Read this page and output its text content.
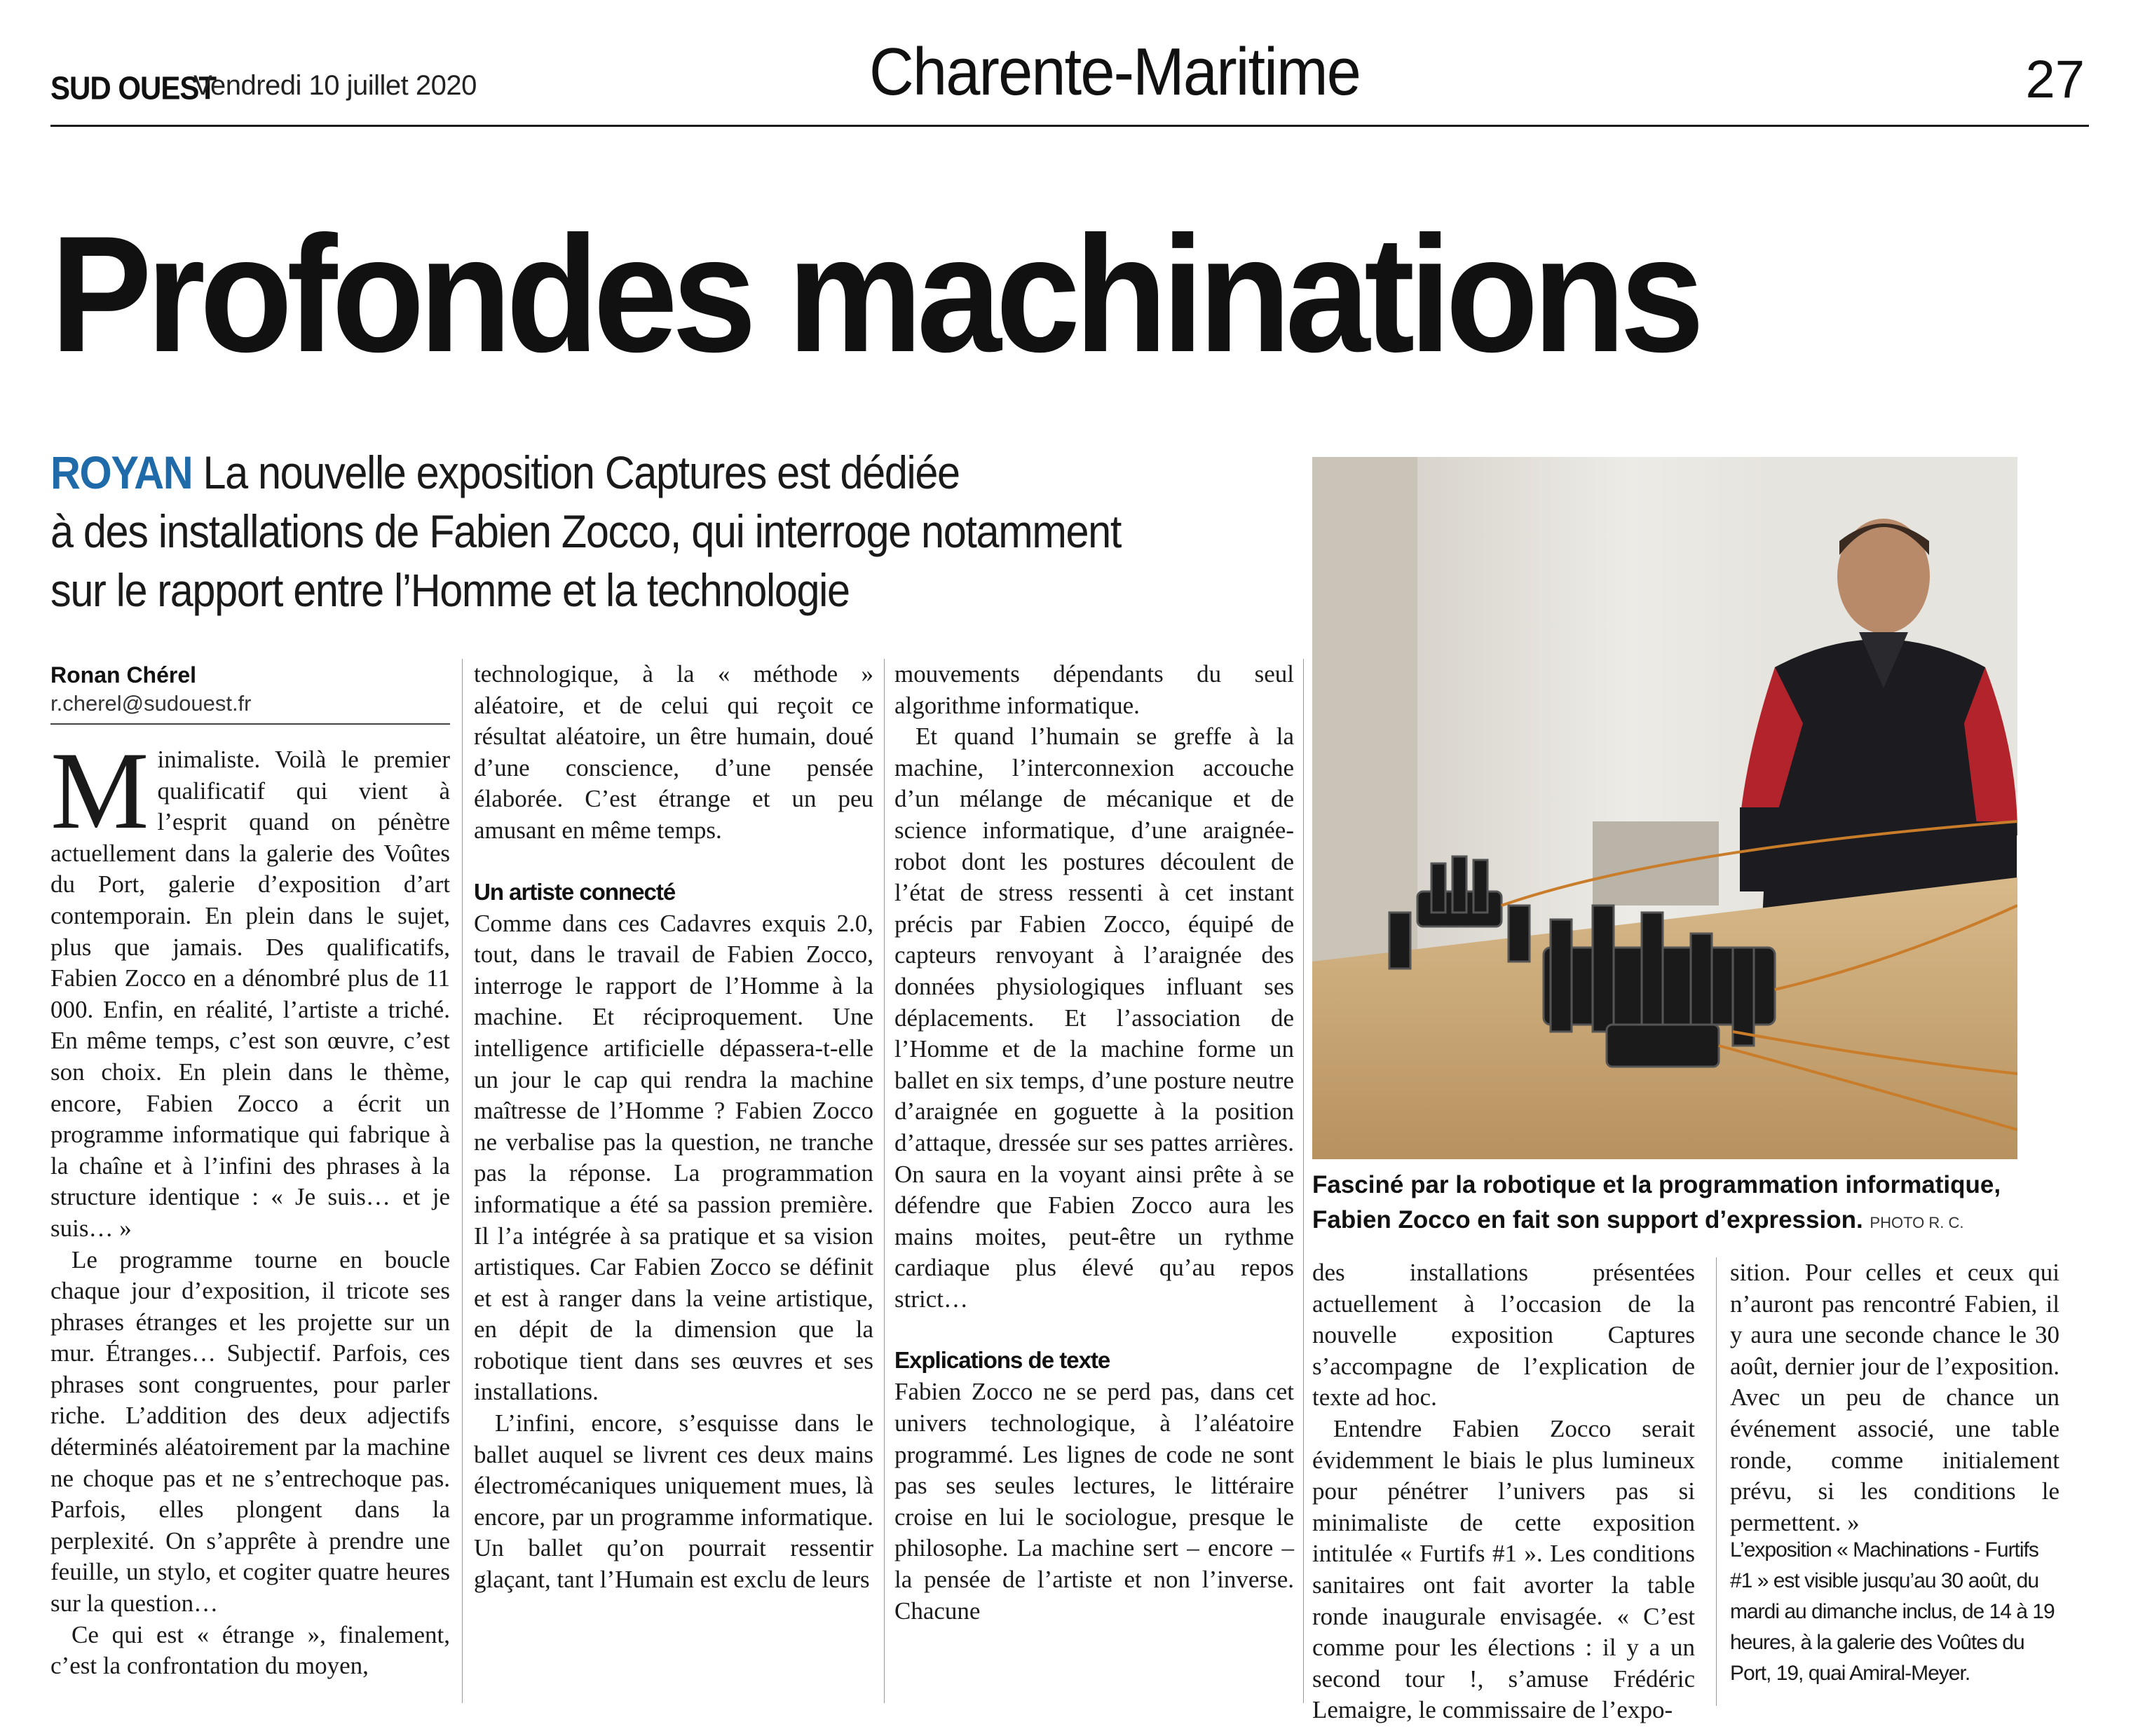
SUD OUEST
Vendredi 10 juillet 2020	Charente-Maritime	27
Profondes machinations
ROYAN La nouvelle exposition Captures est dédiée
à des installations de Fabien Zocco, qui interroge notamment
sur le rapport entre l’Homme et la technologie
Fasciné par la robotique et la programmation informatique, Fabien Zocco en fait son support d’expression. PHOTO R. C.
Ronan Chérel
r.cherel@sudouest.fr

Minimaliste. Voilà le premier qualificatif qui vient à l’esprit quand on pénètre actuellement dans la galerie des Voûtes du Port, galerie d’exposition d’art contemporain. En plein dans le sujet, plus que jamais. Des qualificatifs, Fabien Zocco en a dénombré plus de 11 000. Enfin, en réalité, l’artiste a triché. En même temps, c’est son œuvre, c’est son choix. En plein dans le thème, encore, Fabien Zocco a écrit un programme informatique qui fabrique à la chaîne et à l’infini des phrases à la structure identique : « Je suis… et je suis… »

Le programme tourne en boucle chaque jour d’exposition, il tricote ses phrases étranges et les projette sur un mur. Étranges… Subjectif. Parfois, ces phrases sont congruentes, pour parler riche. L’addition des deux adjectifs déterminés aléatoirement par la machine ne choque pas et ne s’entrechoque pas. Parfois, elles plongent dans la perplexité. On s’apprête à prendre une feuille, un stylo, et cogiter quatre heures sur la question…

Ce qui est « étrange », finalement, c’est la confrontation du moyen,

technologique, à la « méthode » aléatoire, et de celui qui reçoit ce résultat aléatoire, un être humain, doué d’une conscience, d’une pensée élaborée. C’est étrange et un peu amusant en même temps.

Un artiste connecté

Comme dans ces Cadavres exquis 2.0, tout, dans le travail de Fabien Zocco, interroge le rapport de l’Homme à la machine. Et réciproquement. Une intelligence artificielle dépassera-t-elle un jour le cap qui rendra la machine maîtresse de l’Homme ? Fabien Zocco ne verbalise pas la question, ne tranche pas la réponse. La programmation informatique a été sa passion première. Il l’a intégrée à sa pratique et sa vision artistiques. Car Fabien Zocco se définit et est à ranger dans la veine artistique, en dépit de la dimension que la robotique tient dans ses œuvres et ses installations.

L’infini, encore, s’esquisse dans le ballet auquel se livrent ces deux mains électromécaniques uniquement mues, là encore, par un programme informatique. Un ballet qu’on pourrait ressentir glaçant, tant l’Humain est exclu de leurs

mouvements dépendants du seul algorithme informatique.

Et quand l’humain se greffe à la machine, l’interconnexion accouche d’un mélange de mécanique et de science informatique, d’une araignée-robot dont les postures découlent de l’état de stress ressenti à cet instant précis par Fabien Zocco, équipé de capteurs renvoyant à l’araignée des données physiologiques influant ses déplacements. Et l’association de l’Homme et de la machine forme un ballet en six temps, d’une posture neutre d’araignée en goguette à la position d’attaque, dressée sur ses pattes arrières. On saura en la voyant ainsi prête à se défendre que Fabien Zocco aura les mains moites, peut-être un rythme cardiaque plus élevé qu’au repos strict…

Explications de texte

Fabien Zocco ne se perd pas, dans cet univers technologique, à l’aléatoire programmé. Les lignes de code ne sont pas ses seules lectures, le littéraire croise en lui le sociologue, presque le philosophe. La machine sert – encore – la pensée de l’artiste et non l’inverse. Chacune

des installations présentées actuellement à l’occasion de la nouvelle exposition Captures s’accompagne de l’explication de texte ad hoc.

Entendre Fabien Zocco serait évidemment le biais le plus lumineux pour pénétrer l’univers pas si minimaliste de cette exposition intitulée « Furtifs #1 ». Les conditions sanitaires ont fait avorter la table ronde inaugurale envisagée. « C’est comme pour les élections : il y a un second tour !, s’amuse Frédéric Lemaigre, le commissaire de l’expo-

sition. Pour celles et ceux qui n’auront pas rencontré Fabien, il y aura une seconde chance le 30 août, dernier jour de l’exposition. Avec un peu de chance un événement associé, une table ronde, comme initialement prévu, si les conditions le permettent. »

L’exposition « Machinations - Furtifs #1 » est visible jusqu’au 30 août, du mardi au dimanche inclus, de 14 à 19 heures, à la galerie des Voûtes du Port, 19, quai Amiral-Meyer.
